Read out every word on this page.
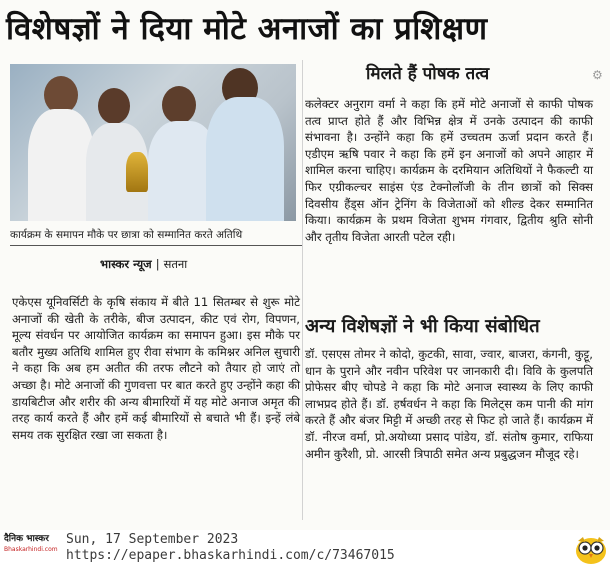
विशेषज्ञों ने दिया मोटे अनाजों का प्रशिक्षण
कार्यक्रम के समापन मौके पर छात्रा को सम्मानित करते अतिथि
भास्कर न्यूज | सतना

एकेएस यूनिवर्सिटी के कृषि संकाय में बीते 11 सितम्बर से शुरू मोटे अनाजों की खेती के तरीके, बीज उत्पादन, कीट एवं रोग, विपणन, मूल्य संवर्धन पर आयोजित कार्यक्रम का समापन हुआ। इस मौके पर बतौर मुख्य अतिथि शामिल हुए रीवा संभाग के कमिश्नर अनिल सुचारी ने कहा कि अब हम अतीत की तरफ लौटने को तैयार हो जाएं तो अच्छा है। मोटे अनाजों की गुणवत्ता पर बात करते हुए उन्होंने कहा की डायबिटीज और शरीर की अन्य बीमारियों में यह मोटे अनाज अमृत की तरह कार्य करते हैं और हमें कई बीमारियों से बचाते भी हैं। इन्हें लंबे समय तक सुरक्षित रखा जा सकता है।

मिलते हैं पोषक तत्व	⚙

कलेक्टर अनुराग वर्मा ने कहा कि हमें मोटे अनाजों से काफी पोषक तत्व प्राप्त होते हैं और विभिन्न क्षेत्र में उनके उत्पादन की काफी संभावना है। उन्होंने कहा कि हमें उच्चतम ऊर्जा प्रदान करते हैं। एडीएम ऋषि पवार ने कहा कि हमें इन अनाजों को अपने आहार में शामिल करना चाहिए। कार्यक्रम के दरमियान अतिथियों ने फैकल्टी या फिर एग्रीकल्चर साइंस एंड टेक्नोलॉजी के तीन छात्रों को सिक्स दिवसीय हैंड्स ऑन ट्रेनिंग के विजेताओं को शील्ड देकर सम्मानित किया। कार्यक्रम के प्रथम विजेता शुभम गंगवार, द्वितीय श्रुति सोनी और तृतीय विजेता आरती पटेल रही।

अन्य विशेषज्ञों ने भी किया संबोधित

डॉ. एसएस तोमर ने कोदो, कुटकी, सावा, ज्वार, बाजरा, कंगनी, कुट्टू, धान के पुराने और नवीन परिवेश पर जानकारी दी। विवि के कुलपति प्रोफेसर बीए चोपडे ने कहा कि मोटे अनाज स्वास्थ्य के लिए काफी लाभप्रद होते हैं। डॉ. हर्षवर्धन ने कहा कि मिलेट्स कम पानी की मांग करते हैं और बंजर मिट्टी में अच्छी तरह से फिट हो जाते हैं। कार्यक्रम में डॉ. नीरज वर्मा, प्रो.अयोध्या प्रसाद पांडेय, डॉ. संतोष कुमार, राफिया अमीन कुरैशी, प्रो. आरसी त्रिपाठी समेत अन्य प्रबुद्धजन मौजूद रहे।

दैनिक भास्कर
Bhaskarhindi.com
Sun, 17 September 2023
https://epaper.bhaskarhindi.com/c/73467015
